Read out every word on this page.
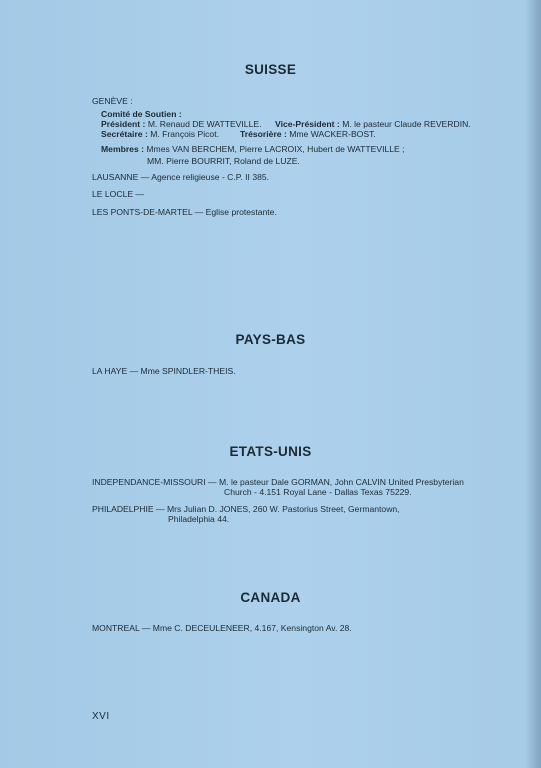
SUISSE
GENÈVE :
Comité de Soutien :
Président : M. Renaud DE WATTEVILLE. Vice-Président : M. le pasteur Claude REVERDIN.
Secrétaire : M. François Picot. Trésorière : Mme WACKER-BOST.
Membres : Mmes VAN BERCHEM, Pierre LACROIX, Hubert de WATTEVILLE ;
MM. Pierre BOURRIT, Roland de LUZE.
LAUSANNE — Agence religieuse - C.P. II 385.
LE LOCLE —
LES PONTS-DE-MARTEL — Eglise protestante.
PAYS-BAS
LA HAYE — Mme SPINDLER-THEIS.
ETATS-UNIS
INDEPENDANCE-MISSOURI — M. le pasteur Dale GORMAN, John CALVIN United Presbyterian
Church - 4.151 Royal Lane - Dallas Texas 75229.
PHILADELPHIE — Mrs Julian D. JONES, 260 W. Pastorius Street, Germantown,
Philadelphia 44.
CANADA
MONTREAL — Mme C. DECEULENEER, 4.167, Kensington Av. 28.
XVI
